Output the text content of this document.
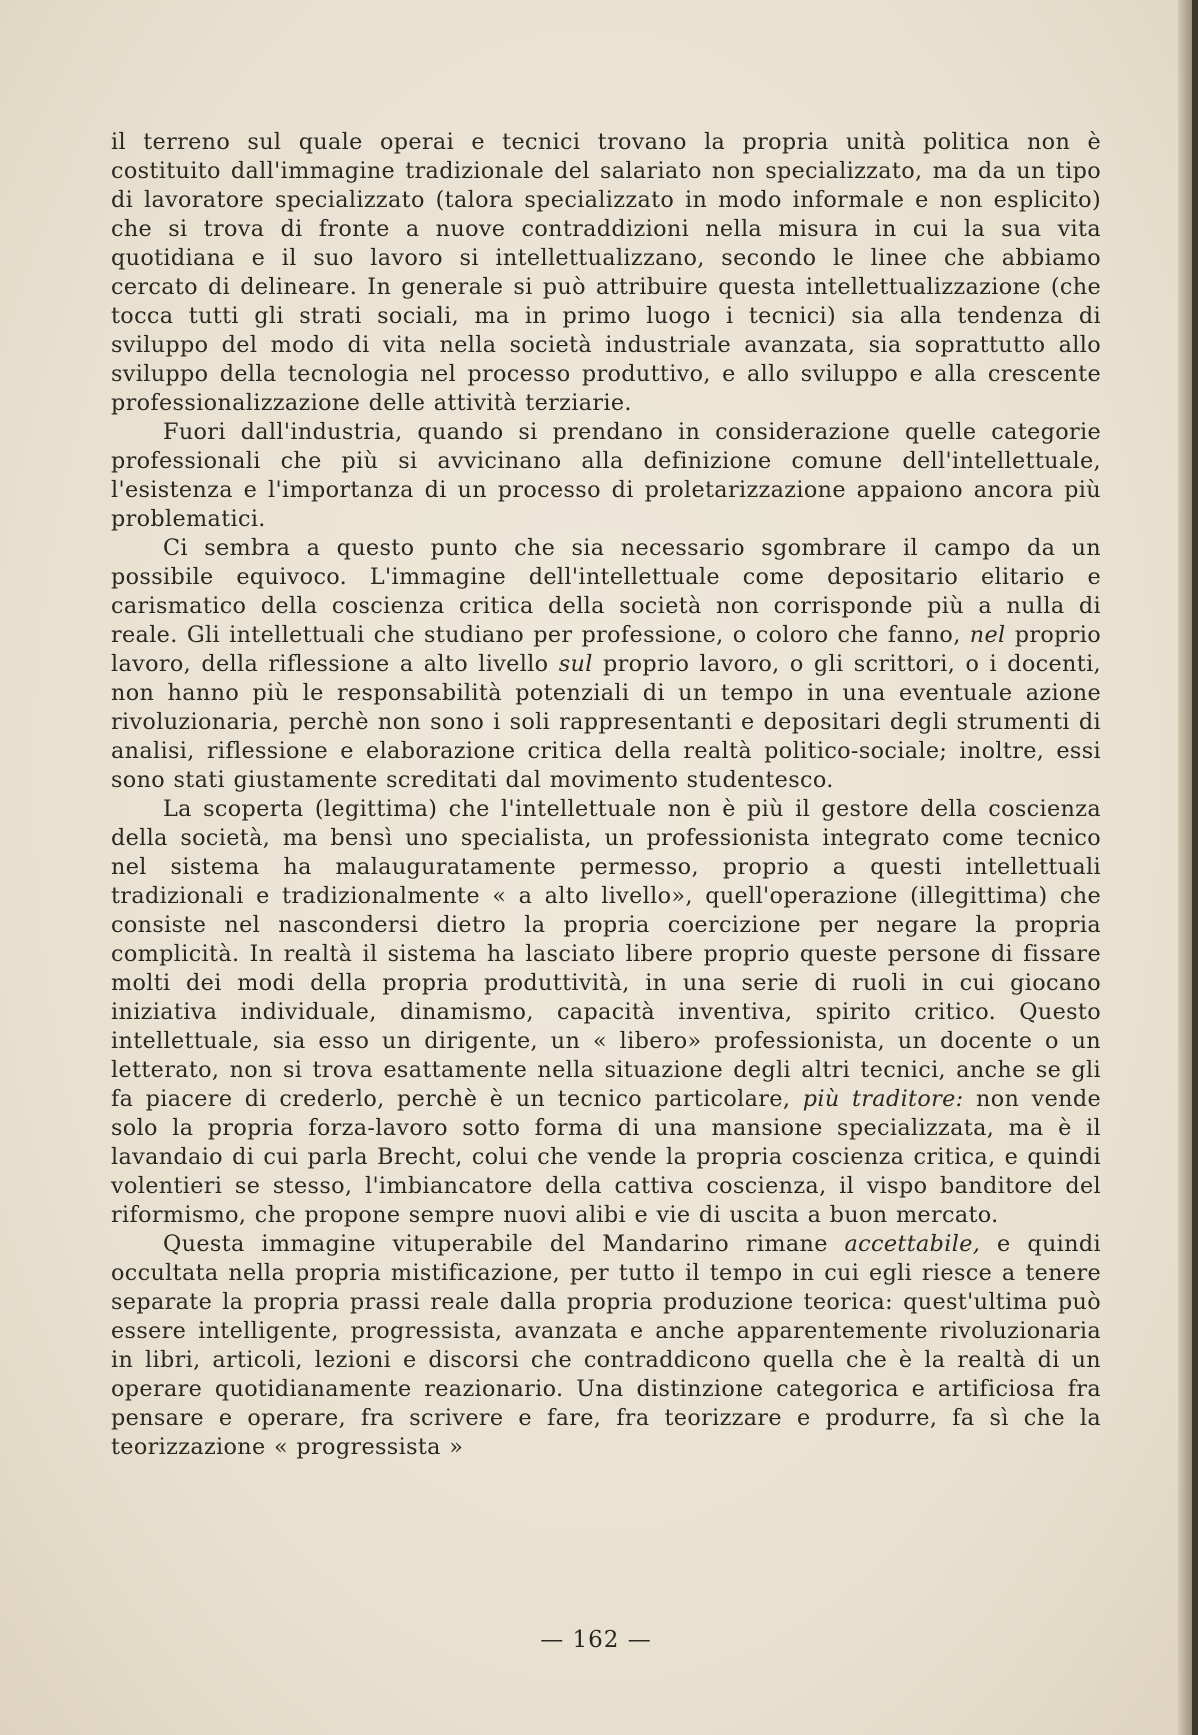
il terreno sul quale operai e tecnici trovano la propria unità politica non è costituito dall'immagine tradizionale del salariato non specializzato, ma da un tipo di lavoratore specializzato (talora specializzato in modo informale e non esplicito) che si trova di fronte a nuove contraddizioni nella misura in cui la sua vita quotidiana e il suo lavoro si intellettualizzano, secondo le linee che abbiamo cercato di delineare. In generale si può attribuire questa intellettualizzazione (che tocca tutti gli strati sociali, ma in primo luogo i tecnici) sia alla tendenza di sviluppo del modo di vita nella società industriale avanzata, sia soprattutto allo sviluppo della tecnologia nel processo produttivo, e allo sviluppo e alla crescente professionalizzazione delle attività terziarie.

Fuori dall'industria, quando si prendano in considerazione quelle categorie professionali che più si avvicinano alla definizione comune dell'intellettuale, l'esistenza e l'importanza di un processo di proletarizzazione appaiono ancora più problematici.

Ci sembra a questo punto che sia necessario sgombrare il campo da un possibile equivoco. L'immagine dell'intellettuale come depositario elitario e carismatico della coscienza critica della società non corrisponde più a nulla di reale. Gli intellettuali che studiano per professione, o coloro che fanno, nel proprio lavoro, della riflessione a alto livello sul proprio lavoro, o gli scrittori, o i docenti, non hanno più le responsabilità potenziali di un tempo in una eventuale azione rivoluzionaria, perchè non sono i soli rappresentanti e depositari degli strumenti di analisi, riflessione e elaborazione critica della realtà politico-sociale; inoltre, essi sono stati giustamente screditati dal movimento studentesco.

La scoperta (legittima) che l'intellettuale non è più il gestore della coscienza della società, ma bensì uno specialista, un professionista integrato come tecnico nel sistema ha malauguratamente permesso, proprio a questi intellettuali tradizionali e tradizionalmente « a alto livello», quell'operazione (illegittima) che consiste nel nascondersi dietro la propria coercizione per negare la propria complicità. In realtà il sistema ha lasciato libere proprio queste persone di fissare molti dei modi della propria produttività, in una serie di ruoli in cui giocano iniziativa individuale, dinamismo, capacità inventiva, spirito critico. Questo intellettuale, sia esso un dirigente, un « libero» professionista, un docente o un letterato, non si trova esattamente nella situazione degli altri tecnici, anche se gli fa piacere di crederlo, perchè è un tecnico particolare, più traditore: non vende solo la propria forza-lavoro sotto forma di una mansione specializzata, ma è il lavandaio di cui parla Brecht, colui che vende la propria coscienza critica, e quindi volentieri se stesso, l'imbiancatore della cattiva coscienza, il vispo banditore del riformismo, che propone sempre nuovi alibi e vie di uscita a buon mercato.

Questa immagine vituperabile del Mandarino rimane accettabile, e quindi occultata nella propria mistificazione, per tutto il tempo in cui egli riesce a tenere separate la propria prassi reale dalla propria produzione teorica: quest'ultima può essere intelligente, progressista, avanzata e anche apparentemente rivoluzionaria in libri, articoli, lezioni e discorsi che contraddicono quella che è la realtà di un operare quotidianamente reazionario. Una distinzione categorica e artificiosa fra pensare e operare, fra scrivere e fare, fra teorizzare e produrre, fa sì che la teorizzazione « progressista »

— 162 —
